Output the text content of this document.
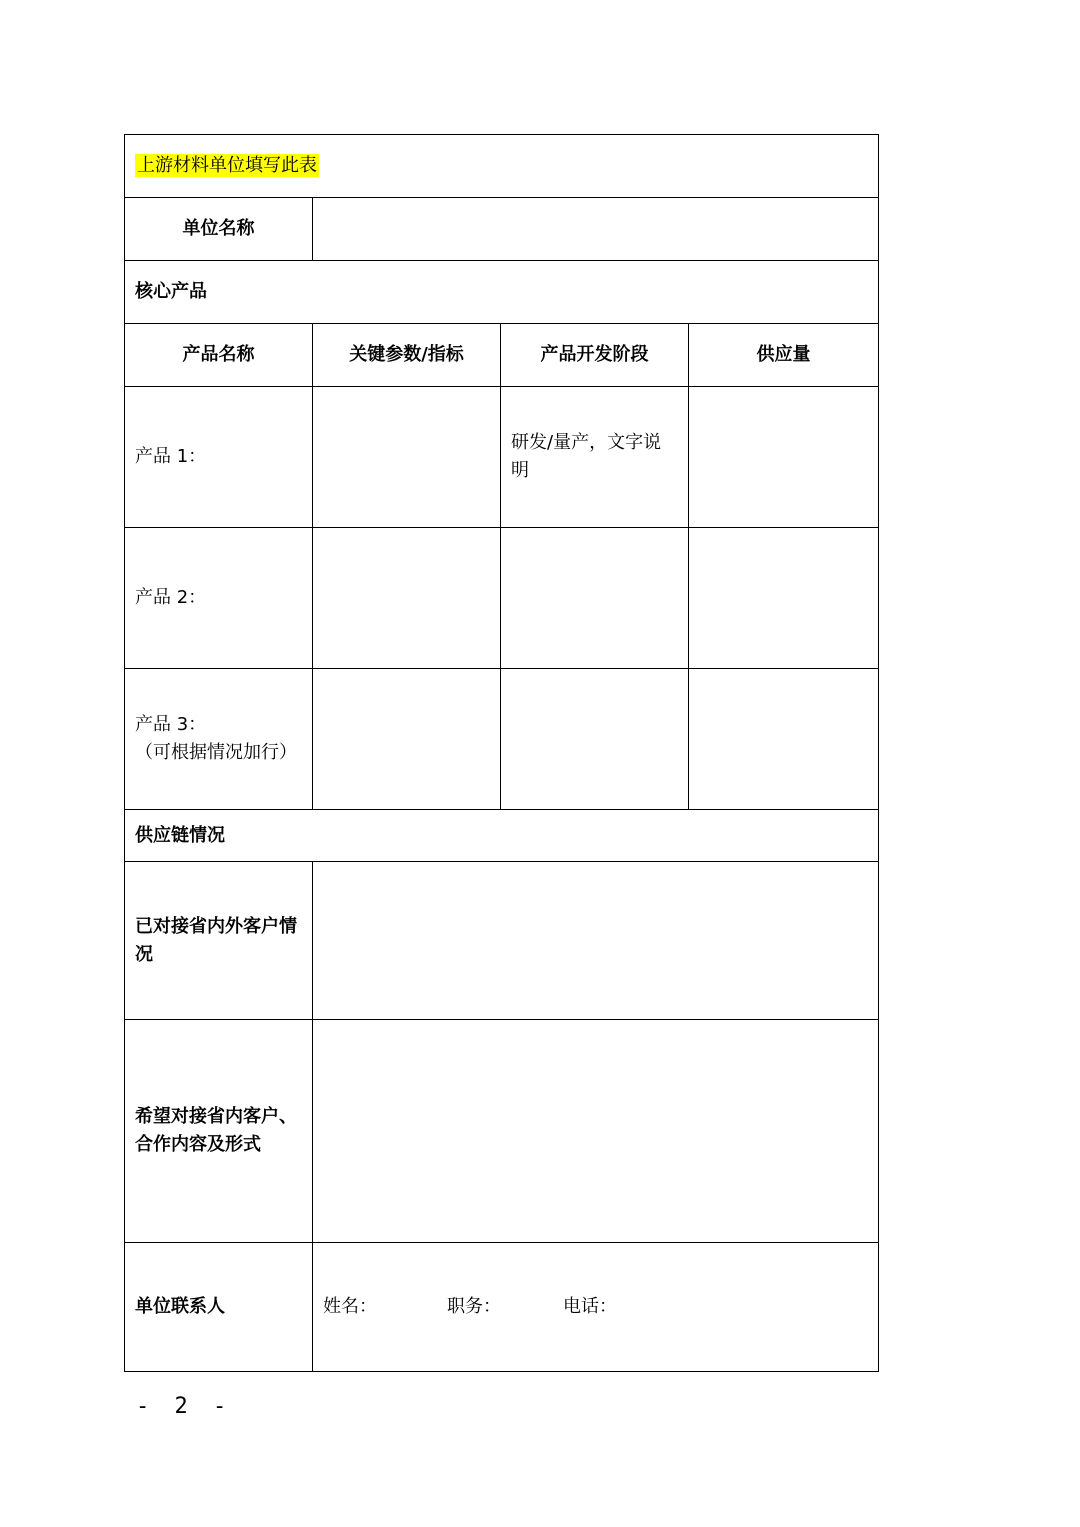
上游材料单位填写此表			
单位名称			
核心产品			
产品名称	关键参数/指标	产品开发阶段	供应量
产品 1：		研发/量产，文字说明	
产品 2：			

产品 3：
（可根据情况加行）			

供应链情况			
已对接省内外客户情况			
希望对接省内客户、合作内容及形式			
单位联系人	姓名： 职务： 电话：		
- 2 -
